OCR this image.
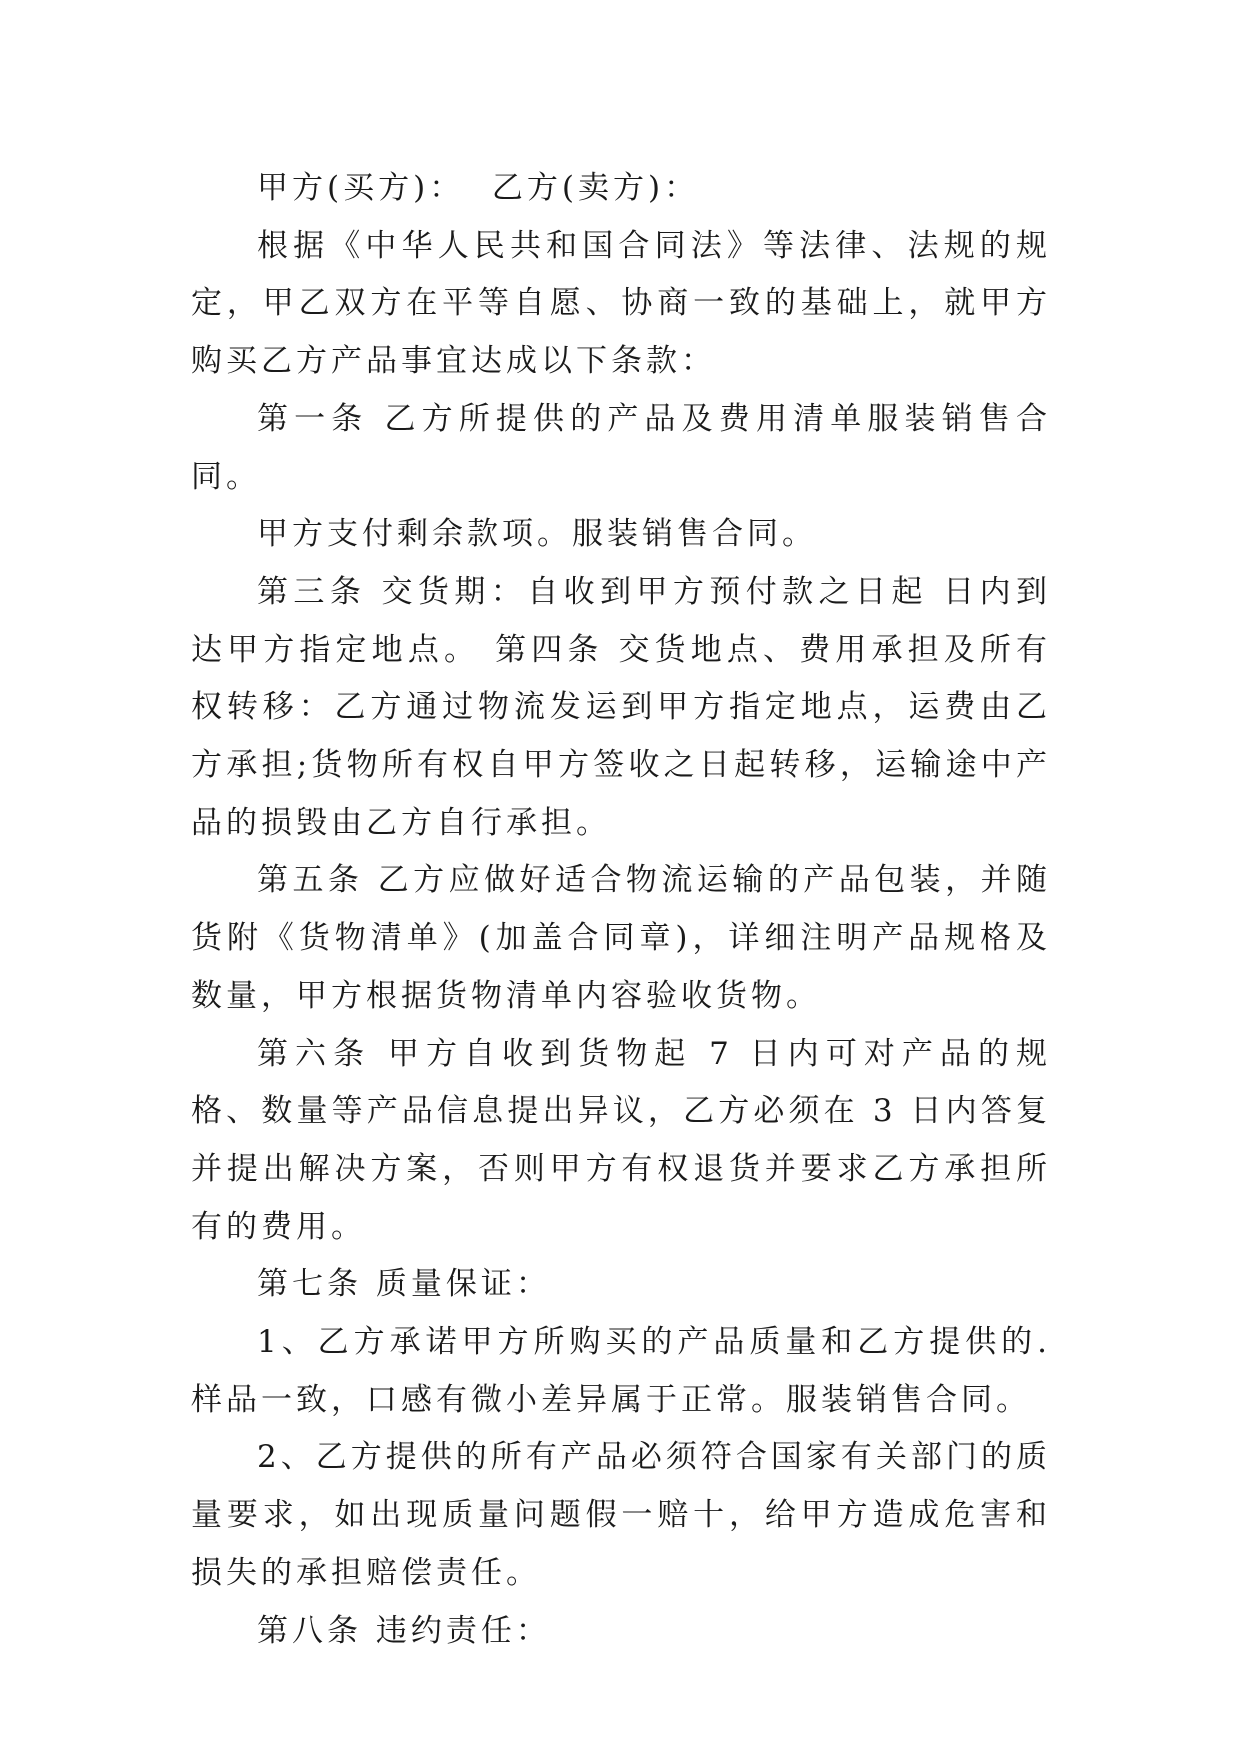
甲方(买方)：  乙方(卖方)：

根据《中华人民共和国合同法》等法律、法规的规定，甲乙双方在平等自愿、协商一致的基础上，就甲方购买乙方产品事宜达成以下条款：

第一条 乙方所提供的产品及费用清单服装销售合同。

甲方支付剩余款项。服装销售合同。

第三条 交货期：自收到甲方预付款之日起 日内到达甲方指定地点。 第四条 交货地点、费用承担及所有权转移：乙方通过物流发运到甲方指定地点，运费由乙方承担;货物所有权自甲方签收之日起转移，运输途中产品的损毁由乙方自行承担。

第五条 乙方应做好适合物流运输的产品包装，并随货附《货物清单》(加盖合同章)，详细注明产品规格及数量，甲方根据货物清单内容验收货物。

第六条 甲方自收到货物起 7 日内可对产品的规格、数量等产品信息提出异议，乙方必须在 3 日内答复并提出解决方案，否则甲方有权退货并要求乙方承担所有的费用。

第七条 质量保证：

1、乙方承诺甲方所购买的产品质量和乙方提供的.样品一致，口感有微小差异属于正常。服装销售合同。

2、乙方提供的所有产品必须符合国家有关部门的质量要求，如出现质量问题假一赔十，给甲方造成危害和损失的承担赔偿责任。

第八条 违约责任：
